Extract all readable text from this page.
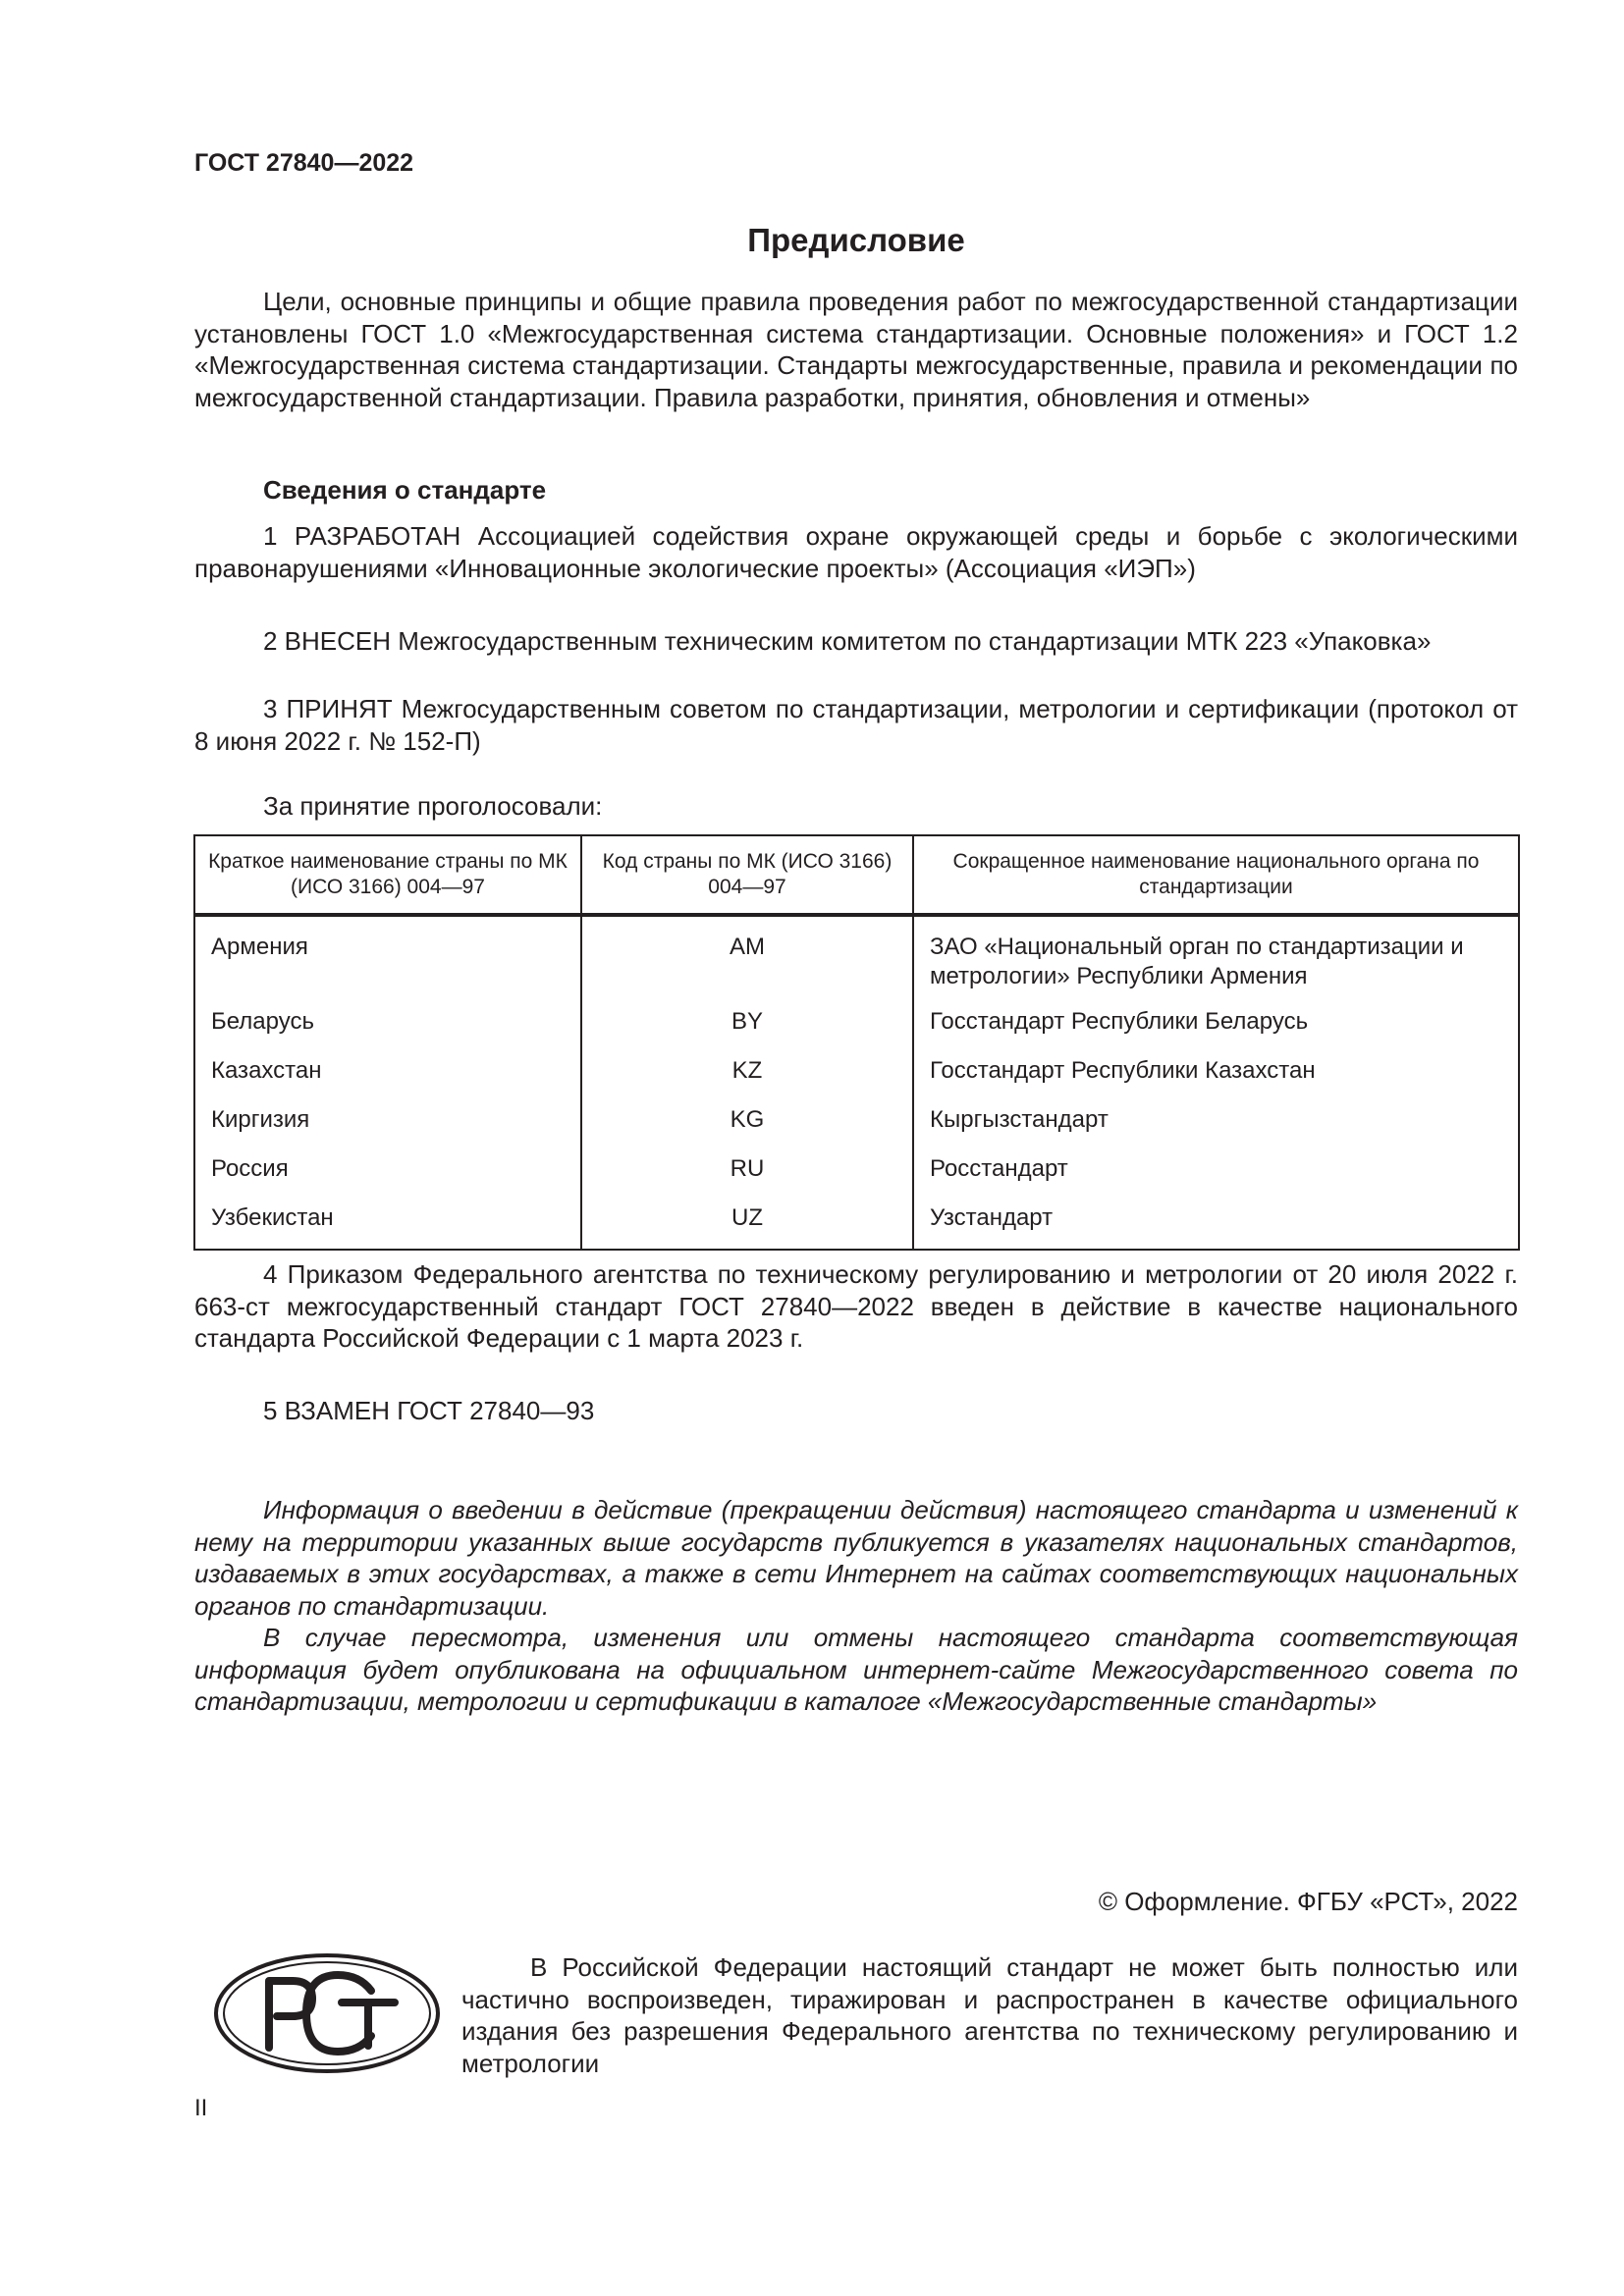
ГОСТ 27840—2022
Предисловие

Цели, основные принципы и общие правила проведения работ по межгосударственной стандартизации установлены ГОСТ 1.0 «Межгосударственная система стандартизации. Основные положения» и ГОСТ 1.2 «Межгосударственная система стандартизации. Стандарты межгосударственные, правила и рекомендации по межгосударственной стандартизации. Правила разработки, принятия, обновления и отмены»

Сведения о стандарте

1 РАЗРАБОТАН Ассоциацией содействия охране окружающей среды и борьбе с экологическими правонарушениями «Инновационные экологические проекты» (Ассоциация «ИЭП»)

2 ВНЕСЕН Межгосударственным техническим комитетом по стандартизации МТК 223 «Упаковка»

3 ПРИНЯТ Межгосударственным советом по стандартизации, метрологии и сертификации (протокол от 8 июня 2022 г. № 152-П)

За принятие проголосовали:
Краткое наименование страны по МК (ИСО 3166) 004—97	Код страны по МК (ИСО 3166) 004—97	Сокращенное наименование национального органа по стандартизации
Армения	AM	ЗАО «Национальный орган по стандартизации и метрологии» Республики Армения
Беларусь	BY	Госстандарт Республики Беларусь
Казахстан	KZ	Госстандарт Республики Казахстан
Киргизия	KG	Кыргызстандарт
Россия	RU	Росстандарт
Узбекистан	UZ	Узстандарт

4 Приказом Федерального агентства по техническому регулированию и метрологии от 20 июля 2022 г. 663-ст межгосударственный стандарт ГОСТ 27840—2022 введен в действие в качестве национального стандарта Российской Федерации с 1 марта 2023 г.

5 ВЗАМЕН ГОСТ 27840—93

Информация о введении в действие (прекращении действия) настоящего стандарта и изменений к нему на территории указанных выше государств публикуется в указателях национальных стандартов, издаваемых в этих государствах, а также в сети Интернет на сайтах соответствующих национальных органов по стандартизации.

В случае пересмотра, изменения или отмены настоящего стандарта соответствующая информация будет опубликована на официальном интернет-сайте Межгосударственного совета по стандартизации, метрологии и сертификации в каталоге «Межгосударственные стандарты»

© Оформление. ФГБУ «РСТ», 2022

В Российской Федерации настоящий стандарт не может быть полностью или частично воспроизведен, тиражирован и распространен в качестве официального издания без разрешения Федерального агентства по техническому регулированию и метрологии

II
